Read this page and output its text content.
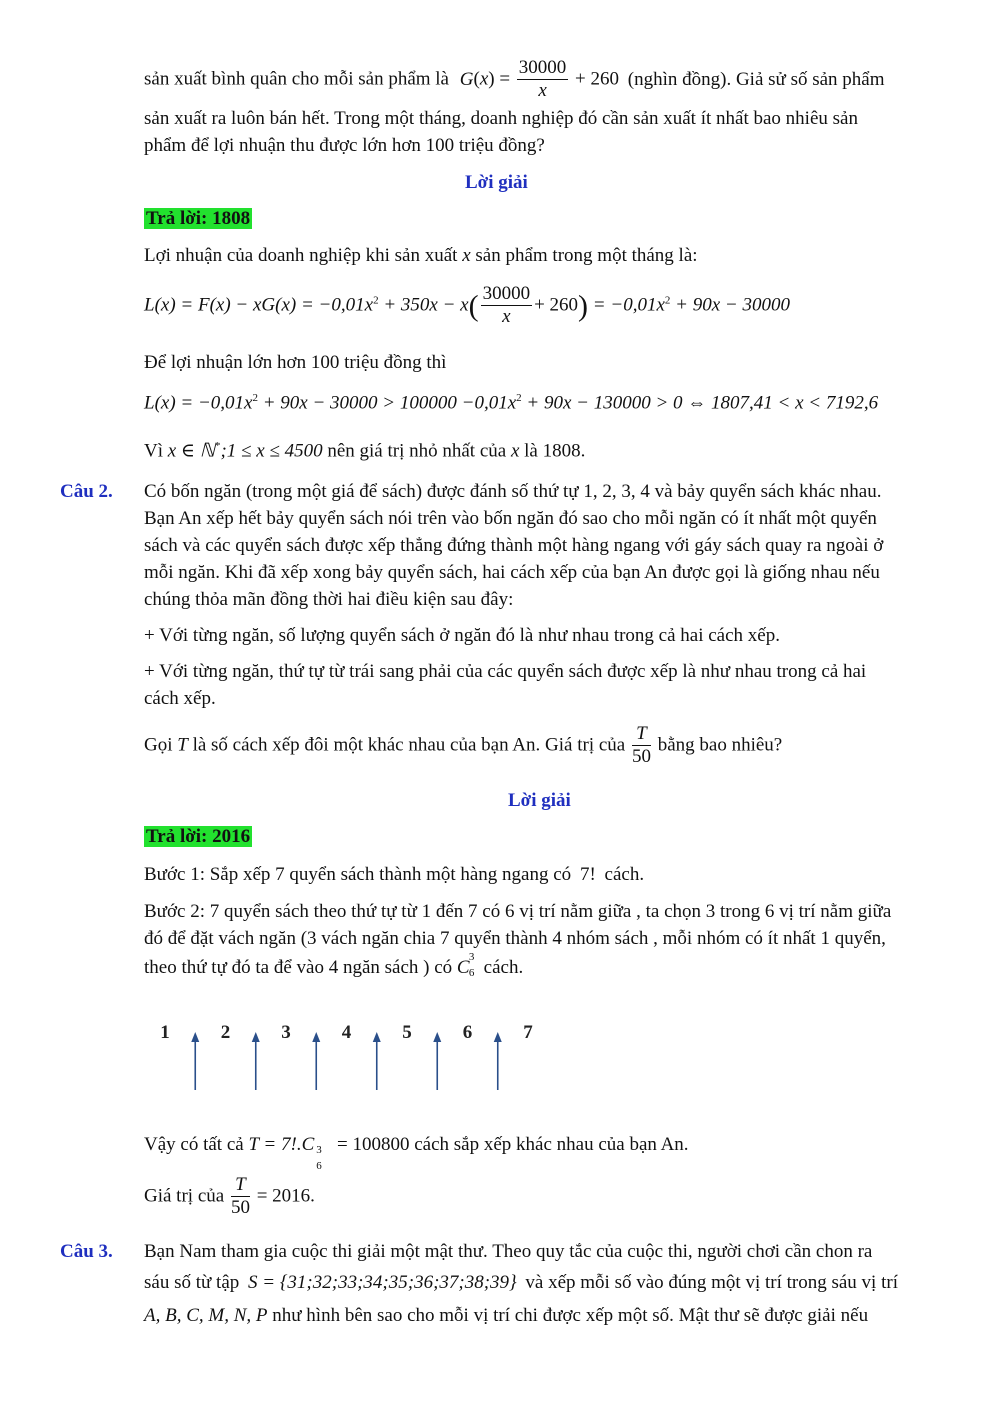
sản xuất bình quân cho mỗi sản phẩm là $G(x) = \frac{30000}{x} + 260$ (nghìn đồng). Giả sử số sản phẩm
sản xuất ra luôn bán hết. Trong một tháng, doanh nghiệp đó cần sản xuất ít nhất bao nhiêu sản
phẩm để lợi nhuận thu được lớn hơn 100 triệu đồng?
Lời giải
Trả lời: 1808
Lợi nhuận của doanh nghiệp khi sản xuất x sản phẩm trong một tháng là:
$L(x) = F(x) - xG(x) = -0,01x^2 + 350x - x( \frac{30000}{x} + 260) = -0,01x^2 + 90x - 30000$
Để lợi nhuận lớn hơn 100 triệu đồng thì
$L(x) = -0,01x^2 + 90x - 30000 > 100000 -0,01x^2 + 90x - 130000 > 0$ ⇔ 1807,41 < x < 7192,6
Vì x ∈ ℕ*;1 ≤ x ≤ 4500 nên giá trị nhỏ nhất của x là 1808.
Câu 2. Có bốn ngăn (trong một giá để sách) được đánh số thứ tự 1, 2, 3, 4 và bảy quyển sách khác nhau.
Bạn An xếp hết bảy quyển sách nói trên vào bốn ngăn đó sao cho mỗi ngăn có ít nhất một quyển
sách và các quyển sách được xếp thẳng đứng thành một hàng ngang với gáy sách quay ra ngoài ở
mỗi ngăn. Khi đã xếp xong bảy quyển sách, hai cách xếp của bạn An được gọi là giống nhau nếu
chúng thỏa mãn đồng thời hai điều kiện sau đây:
+ Với từng ngăn, số lượng quyển sách ở ngăn đó là như nhau trong cả hai cách xếp.
+ Với từng ngăn, thứ tự từ trái sang phải của các quyển sách được xếp là như nhau trong cả hai
cách xếp.
Gọi T là số cách xếp đôi một khác nhau của bạn An. Giá trị của $\frac{T}{50}$ bằng bao nhiêu?
Lời giải
Trả lời: 2016
Bước 1: Sắp xếp 7 quyển sách thành một hàng ngang có 7! cách.
Bước 2: 7 quyển sách theo thứ tự từ 1 đến 7 có 6 vị trí nằm giữa , ta chọn 3 trong 6 vị trí nằm giữa
đó để đặt vách ngăn (3 vách ngăn chia 7 quyển thành 4 nhóm sách , mỗi nhóm có ít nhất 1 quyển,
theo thứ tự đó ta để vào 4 ngăn sách ) có C 3
6 cách.
1	2	3	4	5	6	7
Vậy có tất cả T = 7!.C 3
6
= 100800 cách sắp xếp khác nhau của bạn An.
Giá trị của $\frac{T}{50} = 2016$.
Câu 3. Bạn Nam tham gia cuộc thi giải một mật thư. Theo quy tắc của cuộc thi, người chơi cần chon ra
sáu số từ tập S = {31;32;33;34;35;36;37;38;39} và xếp mỗi số vào đúng một vị trí trong sáu vị trí
A, B, C, M, N, P như hình bên sao cho mỗi vị trí chi được xếp một số. Mật thư sẽ được giải nếu
